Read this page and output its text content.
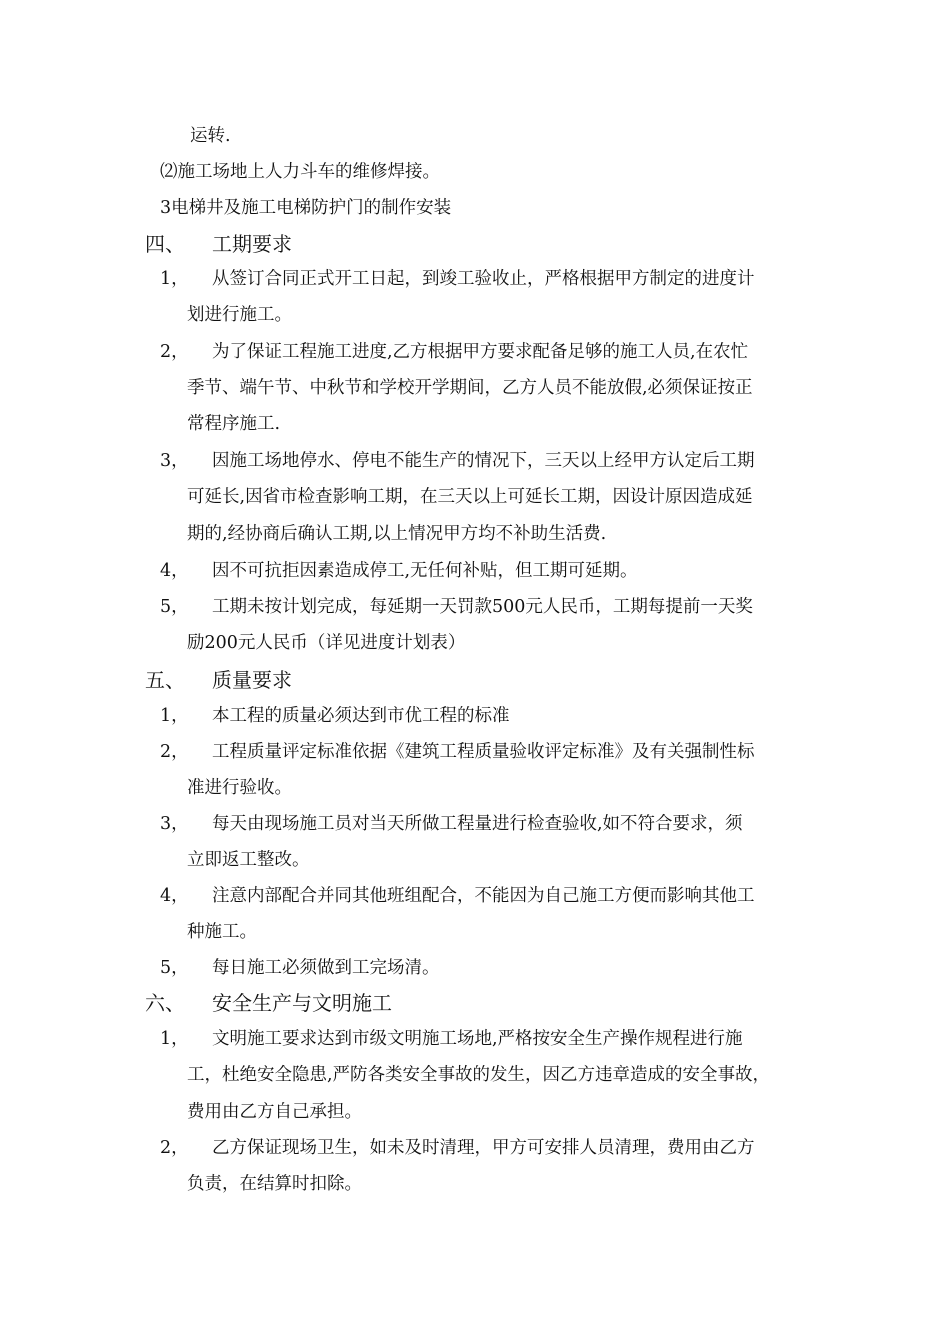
运转.
⑵施工场地上人力斗车的维修焊接。
3电梯井及施工电梯防护门的制作安装
四、 工期要求
1， 从签订合同正式开工日起，到竣工验收止，严格根据甲方制定的进度计
划进行施工。
2， 为了保证工程施工进度,乙方根据甲方要求配备足够的施工人员,在农忙
季节、端午节、中秋节和学校开学期间，乙方人员不能放假,必须保证按正
常程序施工.
3， 因施工场地停水、停电不能生产的情况下，三天以上经甲方认定后工期
可延长,因省市检查影响工期，在三天以上可延长工期，因设计原因造成延
期的,经协商后确认工期,以上情况甲方均不补助生活费.
4， 因不可抗拒因素造成停工,无任何补贴，但工期可延期。
5， 工期未按计划完成，每延期一天罚款500元人民币，工期每提前一天奖
励200元人民币（详见进度计划表）
五、 质量要求
1， 本工程的质量必须达到市优工程的标准
2， 工程质量评定标准依据《建筑工程质量验收评定标准》及有关强制性标
准进行验收。
3， 每天由现场施工员对当天所做工程量进行检查验收,如不符合要求，须
立即返工整改。
4， 注意内部配合并同其他班组配合，不能因为自己施工方便而影响其他工
种施工。
5， 每日施工必须做到工完场清。
六、 安全生产与文明施工
1， 文明施工要求达到市级文明施工场地,严格按安全生产操作规程进行施
工，杜绝安全隐患,严防各类安全事故的发生，因乙方违章造成的安全事故，
费用由乙方自己承担。
2， 乙方保证现场卫生，如未及时清理，甲方可安排人员清理，费用由乙方
负责，在结算时扣除。
